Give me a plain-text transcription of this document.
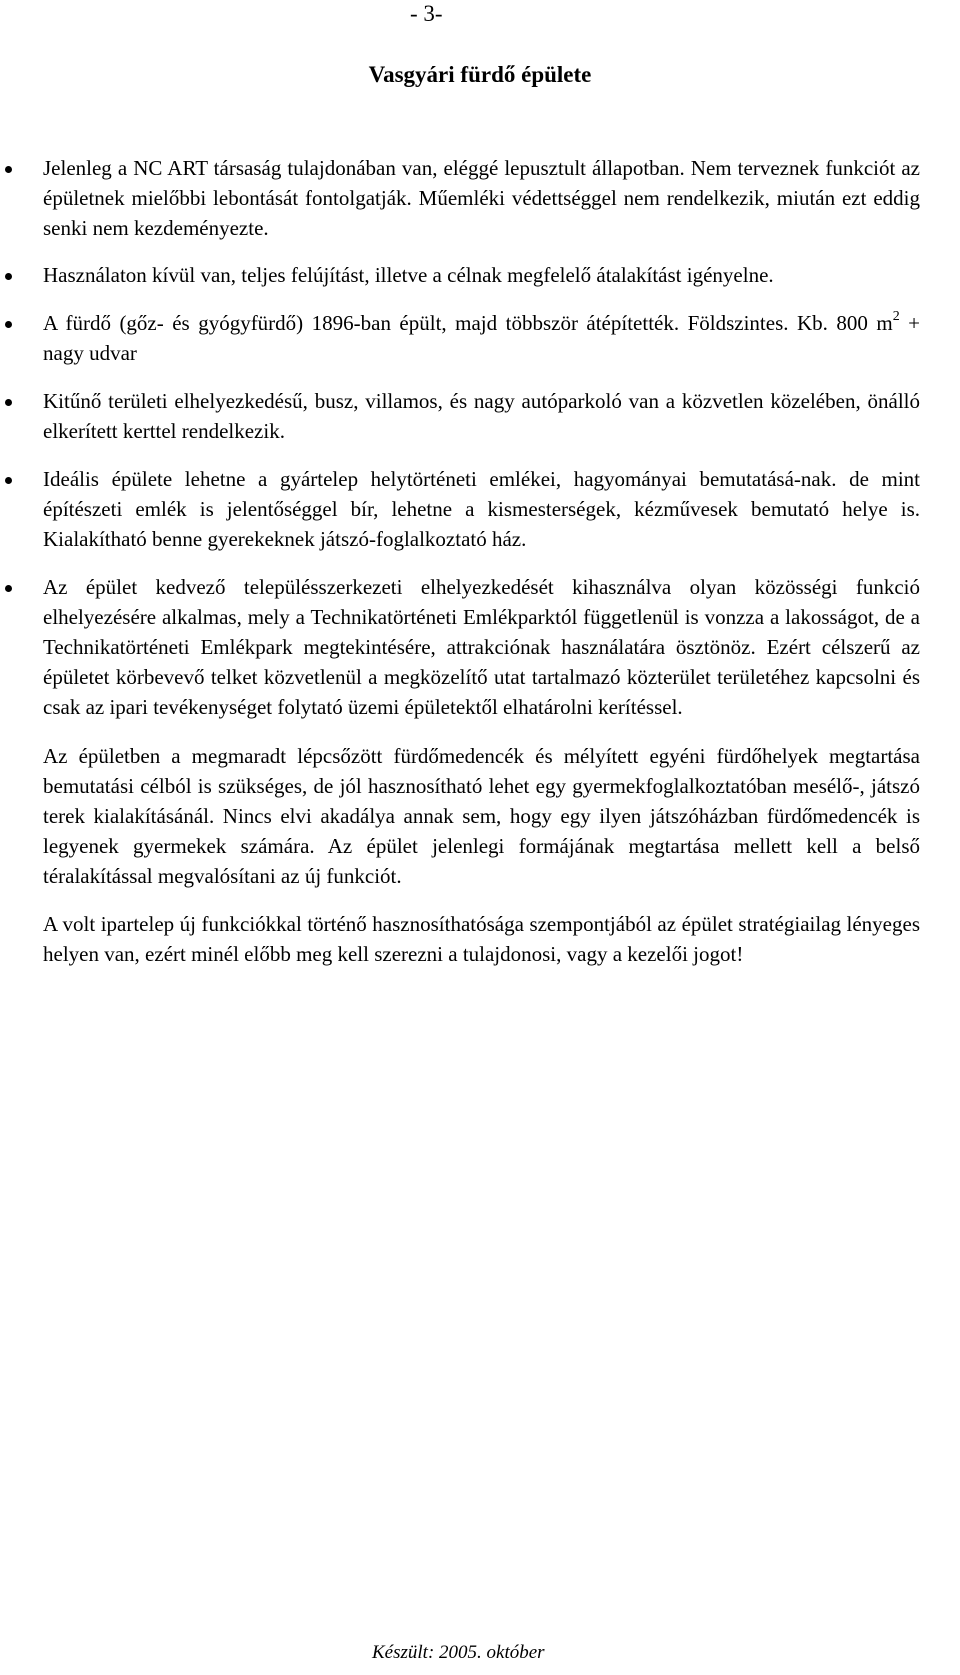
- 3-
Vasgyári fürdő épülete
Jelenleg a NC ART társaság tulajdonában van, eléggé lepusztult állapotban. Nem terveznek funkciót az épületnek mielőbbi lebontását fontolgatják. Műemléki védettséggel nem rendelkezik, miután ezt eddig senki nem kezdeményezte.
Használaton kívül van, teljes felújítást, illetve a célnak megfelelő átalakítást igényelne.
A fürdő (gőz- és gyógyfürdő) 1896-ban épült, majd többször átépítették. Földszintes. Kb. 800 $m^2$ + nagy udvar
Kitűnő területi elhelyezkedésű, busz, villamos, és nagy autóparkoló van a közvetlen közelében, önálló elkerített kerttel rendelkezik.
Ideális épülete lehetne a gyártelep helytörténeti emlékei, hagyományai bemutatásá-nak. de mint építészeti emlék is jelentőséggel bír, lehetne a kismesterségek, kézművesek bemutató helye is. Kialakítható benne gyerekeknek játszó-foglalkoztató ház.
Az épület kedvező településszerkezeti elhelyezkedését kihasználva olyan közösségi funkció elhelyezésére alkalmas, mely a Technikatörténeti Emlékparktól függetlenül is vonzza a lakosságot, de a Technikatörténeti Emlékpark megtekintésére, attrakciónak használatára ösztönöz. Ezért célszerű az épületet körbevevő telket közvetlenül a megközelítő utat tartalmazó közterület területéhez kapcsolni és csak az ipari tevékenységet folytató üzemi épületektől elhatárolni kerítéssel.

Az épületben a megmaradt lépcsőzött fürdőmedencék és mélyített egyéni fürdőhelyek megtartása bemutatási célból is szükséges, de jól hasznosítható lehet egy gyermekfoglalkoztatóban mesélő-, játszó terek kialakításánál. Nincs elvi akadálya annak sem, hogy egy ilyen játszóházban fürdőmedencék is legyenek gyermekek számára. Az épület jelenlegi formájának megtartása mellett kell a belső téralakítással megvalósítani az új funkciót.

A volt ipartelep új funkciókkal történő hasznosíthatósága szempontjából az épület stratégiailag lényeges helyen van, ezért minél előbb meg kell szerezni a tulajdonosi, vagy a kezelői jogot!

Készült: 2005. október
